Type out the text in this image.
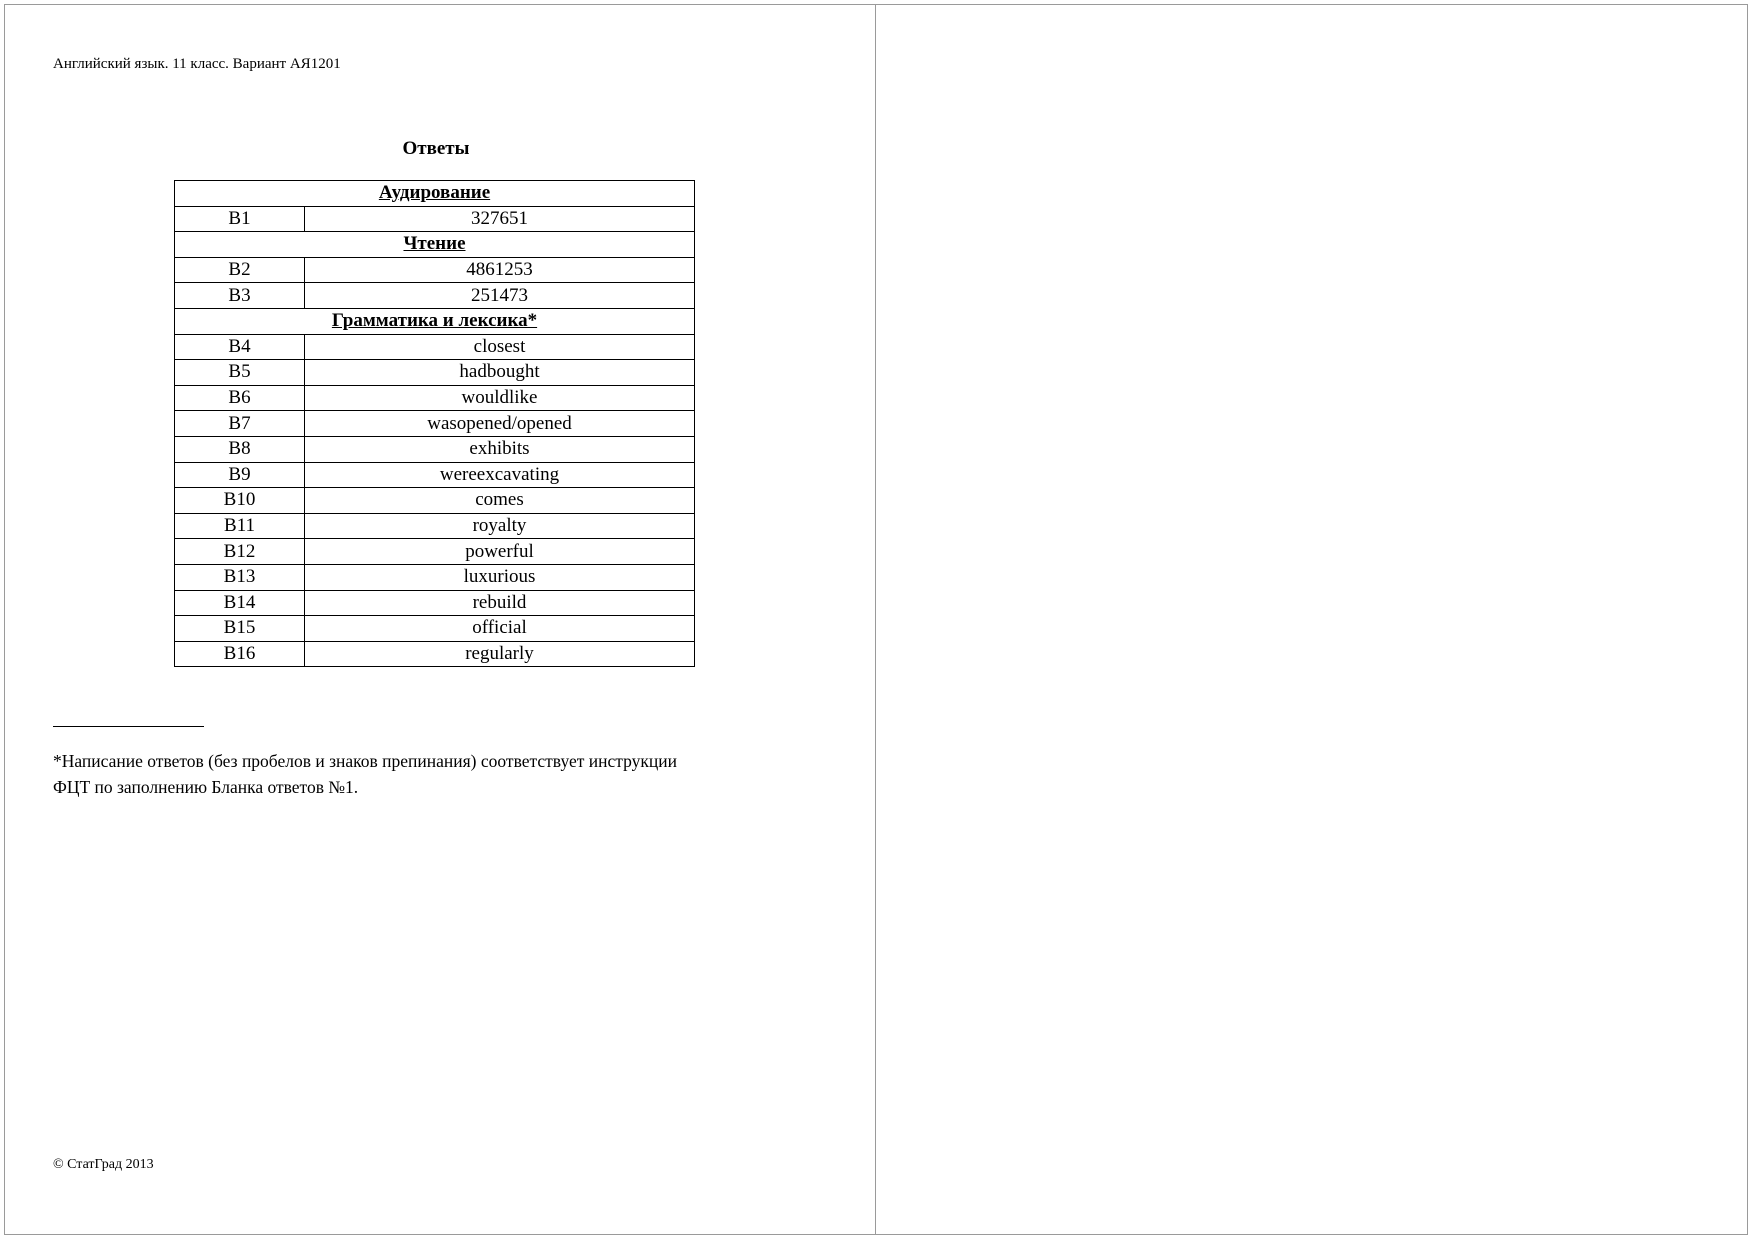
Английский язык. 11 класс. Вариант АЯ1201
Ответы
Аудирование	
B1	327651
Чтение	
B2	4861253
B3	251473
Грамматика и лексика*	
B4	closest
B5	hadbought
B6	wouldlike
B7	wasopened/opened
B8	exhibits
B9	wereexcavating
B10	comes
B11	royalty
B12	powerful
B13	luxurious
B14	rebuild
B15	official
B16	regularly
*Написание ответов (без пробелов и знаков препинания) соответствует инструкции
ФЦТ по заполнению Бланка ответов №1.
© СтатГрад 2013
